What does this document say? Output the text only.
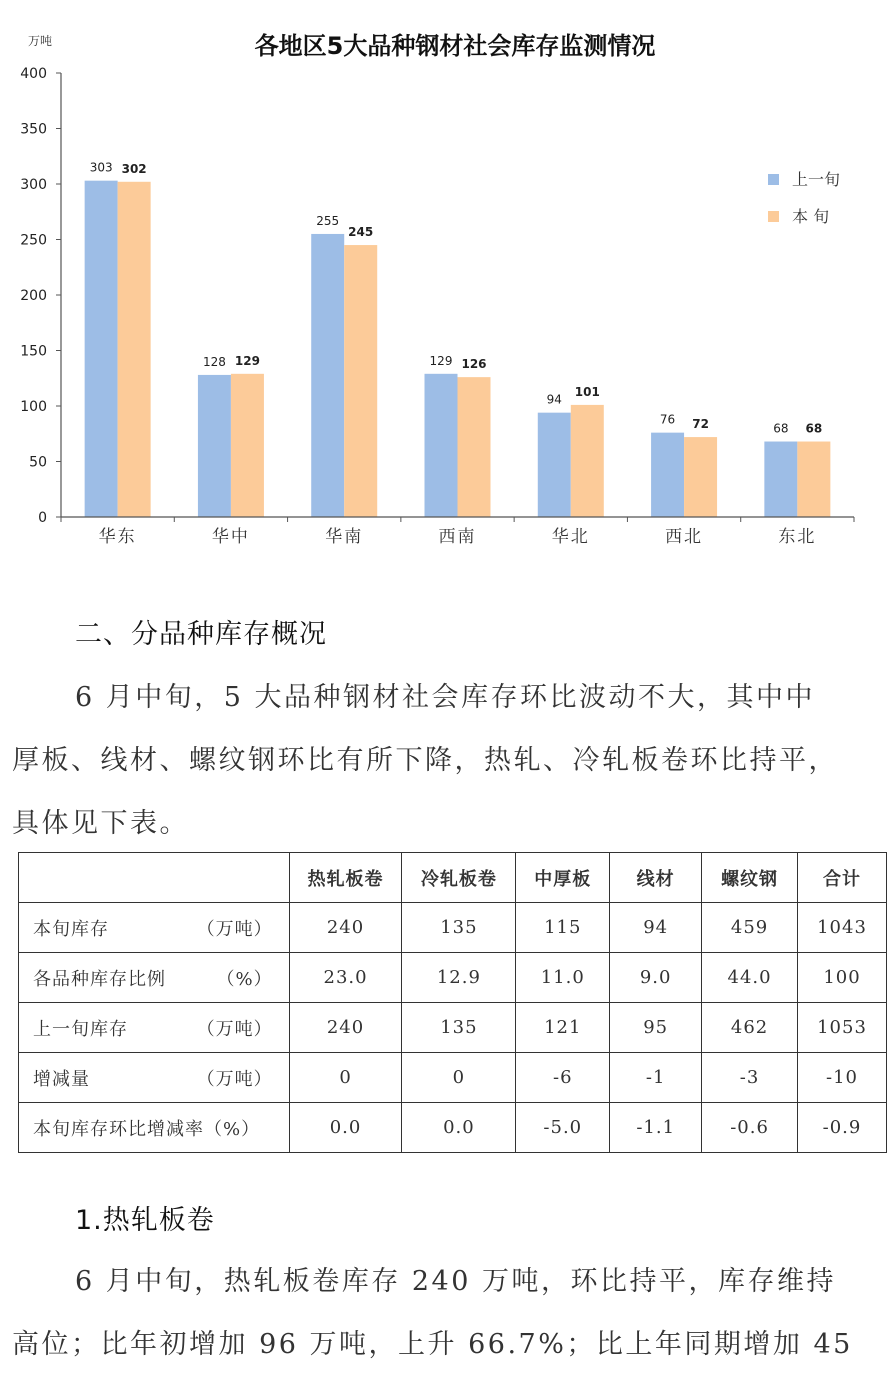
各地区5大品种钢材社会库存监测情况
万吨
0
50
100
150
200
250
300
350
400
303 302
128 129
255
245
129 126
94
101
76 72	68 68
华东	华中	华南	西南	华北	西北	东北
上一旬
本 旬
二、分品种库存概况

6 月中旬，5 大品种钢材社会库存环比波动不大，其中中

厚板、线材、螺纹钢环比有所下降，热轧、冷轧板卷环比持平，

具体见下表。

	热轧板卷	冷轧板卷	中厚板	线材	螺纹钢	合计
本旬库存 （万吨）	240	135	115	94	459	1043
各品种库存比例 （%）	23.0	12.9	11.0	9.0	44.0	100
上一旬库存 （万吨）	240	135	121	95	462	1053
增减量 （万吨）	0	0	-6	-1	-3	-10
本旬库存环比增减率（%）	0.0	0.0	-5.0	-1.1	-0.6	-0.9
1.热轧板卷

6 月中旬，热轧板卷库存 240 万吨，环比持平，库存维持

高位；比年初增加 96 万吨，上升 66.7%；比上年同期增加 45
